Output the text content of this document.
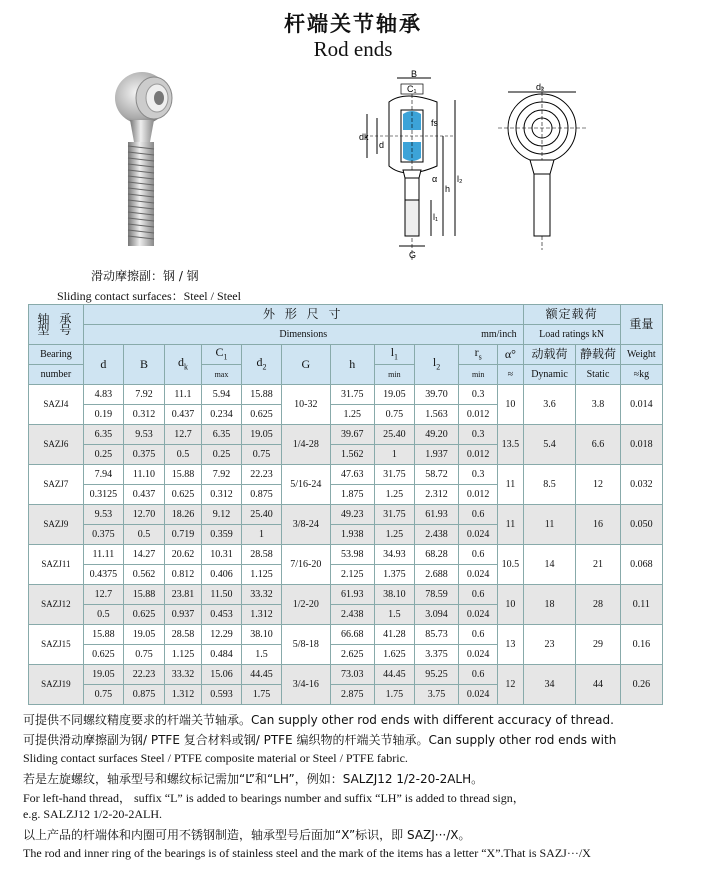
杆端关节轴承
Rod ends
B
C₁
dk
d
fs
α
G
l₁
h
l₂
d₂
滑动摩擦副：钢 / 钢
Sliding contact surfaces：Steel / Steel
轴 承
型 号	外 形 尺 寸											额定载荷		重量
	Dimensions mm/inch											Load ratings kN		
Bearing	d	B	$d_k$	$C_1$	$d_2$	G	h	$l_1$	$l_2$	$r_s$	α°	动载荷	静载荷	Weight
number				max				min		min	≈	Dynamic	Static	≈kg
SAZJ4	4.83	7.92	11.1	5.94	15.88	10-32	31.75	19.05	39.70	0.3	10	3.6	3.8	0.014
	0.19	0.312	0.437	0.234	0.625		1.25	0.75	1.563	0.012				
SAZJ6	6.35	9.53	12.7	6.35	19.05	1/4-28	39.67	25.40	49.20	0.3	13.5	5.4	6.6	0.018
	0.25	0.375	0.5	0.25	0.75		1.562	1	1.937	0.012				
SAZJ7	7.94	11.10	15.88	7.92	22.23	5/16-24	47.63	31.75	58.72	0.3	11	8.5	12	0.032
	0.3125	0.437	0.625	0.312	0.875		1.875	1.25	2.312	0.012				
SAZJ9	9.53	12.70	18.26	9.12	25.40	3/8-24	49.23	31.75	61.93	0.6	11	11	16	0.050
	0.375	0.5	0.719	0.359	1		1.938	1.25	2.438	0.024				
SAZJ11	11.11	14.27	20.62	10.31	28.58	7/16-20	53.98	34.93	68.28	0.6	10.5	14	21	0.068
	0.4375	0.562	0.812	0.406	1.125		2.125	1.375	2.688	0.024				
SAZJ12	12.7	15.88	23.81	11.50	33.32	1/2-20	61.93	38.10	78.59	0.6	10	18	28	0.11
	0.5	0.625	0.937	0.453	1.312		2.438	1.5	3.094	0.024				
SAZJ15	15.88	19.05	28.58	12.29	38.10	5/8-18	66.68	41.28	85.73	0.6	13	23	29	0.16
	0.625	0.75	1.125	0.484	1.5		2.625	1.625	3.375	0.024				
SAZJ19	19.05	22.23	33.32	15.06	44.45	3/4-16	73.03	44.45	95.25	0.6	12	34	44	0.26
	0.75	0.875	1.312	0.593	1.75		2.875	1.75	3.75	0.024				
可提供不同螺纹精度要求的杆端关节轴承。Can supply other rod ends with different accuracy of thread.
可提供滑动摩擦副为钢/ PTFE 复合材料或钢/ PTFE 编织物的杆端关节轴承。Can supply other rod ends with
Sliding contact surfaces Steel / PTFE composite material or Steel / PTFE fabric.
若是左旋螺纹，轴承型号和螺纹标记需加“L”和“LH”，例如：SALZJ12 1/2-20-2ALH。
For left-hand thread， suffix “L” is added to bearings number and suffix “LH” is added to thread sign，
e.g. SALZJ12 1/2-20-2ALH.
以上产品的杆端体和内圈可用不锈钢制造，轴承型号后面加“X”标识，即 SAZJ···/X。
The rod and inner ring of the bearings is of stainless steel and the mark of the items has a letter “X”.That is SAZJ···/X
